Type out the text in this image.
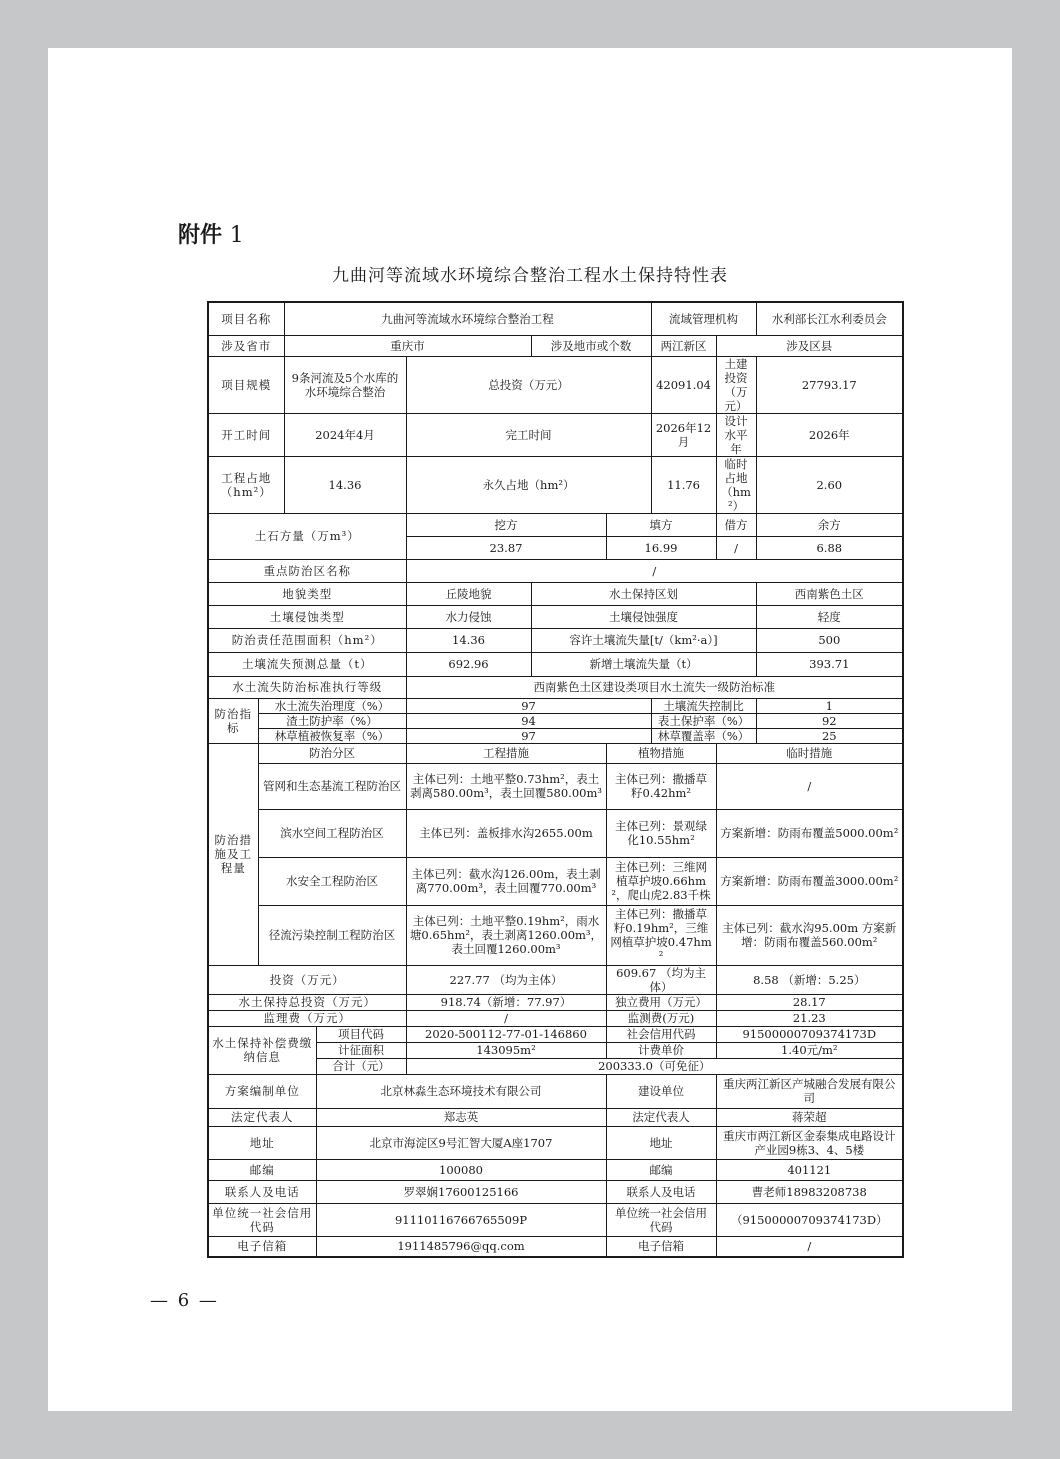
附件 1
九曲河等流域水环境综合整治工程水土保持特性表
项目名称		九曲河等流域水环境综合整治工程					流域管理机构		水利部长江水利委员会
涉及省市		重庆市			涉及地市或个数		两江新区	涉及区县	
项目规模		9条河流及5个水库的水环境综合整治		总投资（万元）			42091.04	土建投资（万元）	27793.17
开工时间		2024年4月		完工时间			2026年12月	设计水平年	2026年
工程占地（hm²）		14.36		永久占地（hm²）			11.76	临时占地（hm²）	2.60
土石方量（万m³）				挖方		填方		借方	余方
				23.87		16.99		/	6.88
重点防治区名称				/					
地貌类型				丘陵地貌	水土保持区划				西南紫色土区
土壤侵蚀类型				水力侵蚀	土壤侵蚀强度				轻度
防治责任范围面积（hm²）				14.36	容许土壤流失量[t/（km²·a）]				500
土壤流失预测总量（t）				692.96	新增土壤流失量（t）				393.71
水土流失防治标准执行等级				西南紫色土区建设类项目水土流失一级防治标准					
防治指标	水土流失治理度（%）			97			土壤流失控制比		1
	渣土防护率（%）			94			表土保护率（%）		92
	林草植被恢复率（%）			97			林草覆盖率（%）		25
防治措施及工程量	防治分区			工程措施		植物措施		临时措施	
	管网和生态基流工程防治区			主体已列：土地平整0.73hm²，表土剥离580.00m³，表土回覆580.00m³		主体已列：撒播草籽0.42hm²		/	
	滨水空间工程防治区			主体已列：盖板排水沟2655.00m		主体已列：景观绿化10.55hm²		方案新增：防雨布覆盖5000.00m²	
	水安全工程防治区			主体已列：截水沟126.00m，表土剥离770.00m³，表土回覆770.00m³		主体已列：三维网植草护坡0.66hm²，爬山虎2.83千株		方案新增：防雨布覆盖3000.00m²	
	径流污染控制工程防治区			主体已列：土地平整0.19hm²，雨水塘0.65hm²，表土剥离1260.00m³，表土回覆1260.00m³		主体已列：撒播草籽0.19hm²，三维网植草护坡0.47hm²		主体已列：截水沟95.00m 方案新增：防雨布覆盖560.00m²	
投资（万元）				227.77 （均为主体）		609.67 （均为主体）		8.58 （新增：5.25）	
水土保持总投资（万元）				918.74（新增：77.97）		独立费用（万元）		28.17	
监理费（万元）				/		监测费(万元)		21.23	
水土保持补偿费缴纳信息			项目代码	2020-500112-77-01-146860		社会信用代码		91500000709374173D	
			计征面积	143095m²		计费单价		1.40元/m²	
			合计（元）	200333.0（可免征）					
方案编制单位			北京林淼生态环境技术有限公司			建设单位		重庆两江新区产城融合发展有限公司	
法定代表人			郑志英			法定代表人		蒋荣超	
地址			北京市海淀区9号汇智大厦A座1707			地址		重庆市两江新区金泰集成电路设计产业园9栋3、4、5楼	
邮编			100080			邮编		401121	
联系人及电话			罗翠娴17600125166			联系人及电话		曹老师18983208738	
单位统一社会信用代码			91110116766765509P			单位统一社会信用代码		（91500000709374173D）	
电子信箱			1911485796@qq.com			电子信箱		/	
— 6 —
